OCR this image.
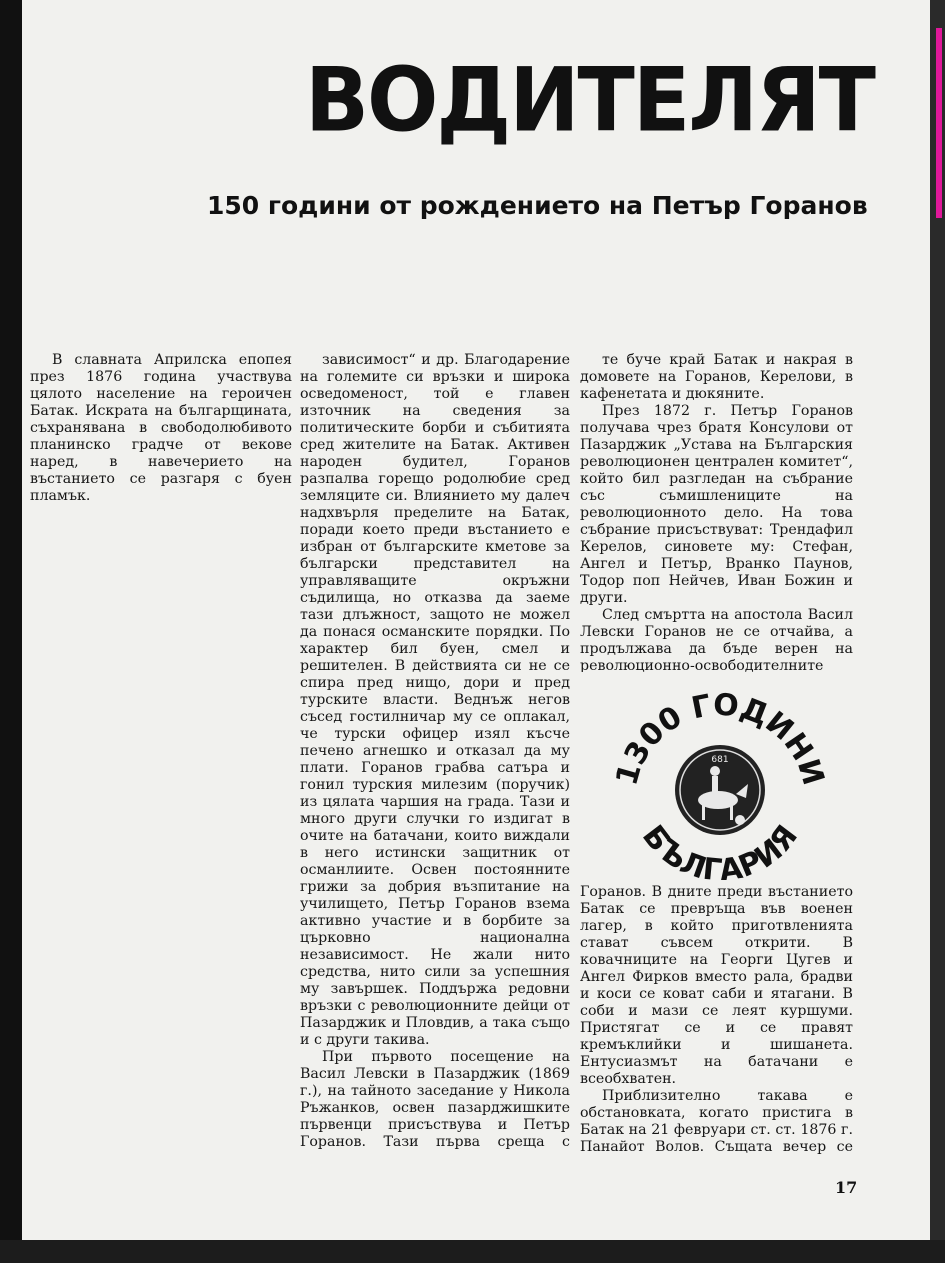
ВОДИТЕЛЯТ
150 години от рождението на Петър Горанов

В славната Априлска епопея през 1876 година участвува цялото население на героичен Батак. Искрата на българщината, съхранявана в свободолюбивото планинско градче от векове наред, в навечерието на въстанието се разгаря с буен пламък.

зависимост“ и др. Благодарение на големите си връзки и широка осведоменост, той е главен източник на сведения за политическите борби и събитията сред жителите на Батак. Активен народен будител, Горанов разпалва горещо родолюбие сред земляците си. Влиянието му далеч надхвърля пределите на Батак, поради което преди въстанието е избран от българските кметове за български представител на управляващите окръжни съдилища, но отказва да заеме тази длъжност, защото не можел да понася османските порядки. По характер бил буен, смел и решителен. В действията си не се спира пред нищо, дори и пред турските власти. Веднъж негов съсед гостилничар му се оплакал, че турски офицер изял късче печено агнешко и отказал да му плати. Горанов грабва сатъра и гонил турския милезим (поручик) из цялата чаршия на града. Тази и много други случки го издигат в очите на батачани, които виждали в него истински защитник от османлиите. Освен постоянните грижи за добрия възпитание на училището, Петър Горанов взема активно участие и в борбите за църковно национална независимост. Не жали нито средства, нито сили за успешния му завършек. Поддържа редовни връзки с революционните дейци от Пазарджик и Пловдив, а така също и с други такива.

При първото посещение на Васил Левски в Пазарджик (1869 г.), на тайното заседание у Никола Ръжанков, освен пазарджишките първенци присъствува и Петър Горанов. Тази първа среща с

те буче край Батак и накрая в домовете на Горанов, Керелови, в кафенетата и дюкяните.

През 1872 г. Петър Горанов получава чрез братя Консулови от Пазарджик „Устава на Българския революционен централен комитет“, който бил разгледан на събрание със съмишлениците на революционното дело. На това събрание присъствуват: Трендафил Керелов, синовете му: Стефан, Ангел и Петър, Вранко Паунов, Тодор поп Нейчев, Иван Божин и други.

След смъртта на апостола Васил Левски Горанов не се отчайва, а продължава да бъде верен на революционно-освободителните

681
1300 ГОДИНИ
БЪЛГАРИЯ

Горанов. В дните преди въстанието Батак се превръща във военен лагер, в който приготвленията стават съвсем открити. В ковачниците на Георги Цугев и Ангел Фирков вместо рала, брадви и коси се коват саби и ятагани. В соби и мази се леят куршуми. Пристягат се и се правят кремъклийки и шишанета. Ентусиазмът на батачани е всеобхватен.

Приблизително такава е обстановката, когато пристига в Батак на 21 февруари ст. ст. 1876 г. Панайот Волов. Същата вечер се

17
